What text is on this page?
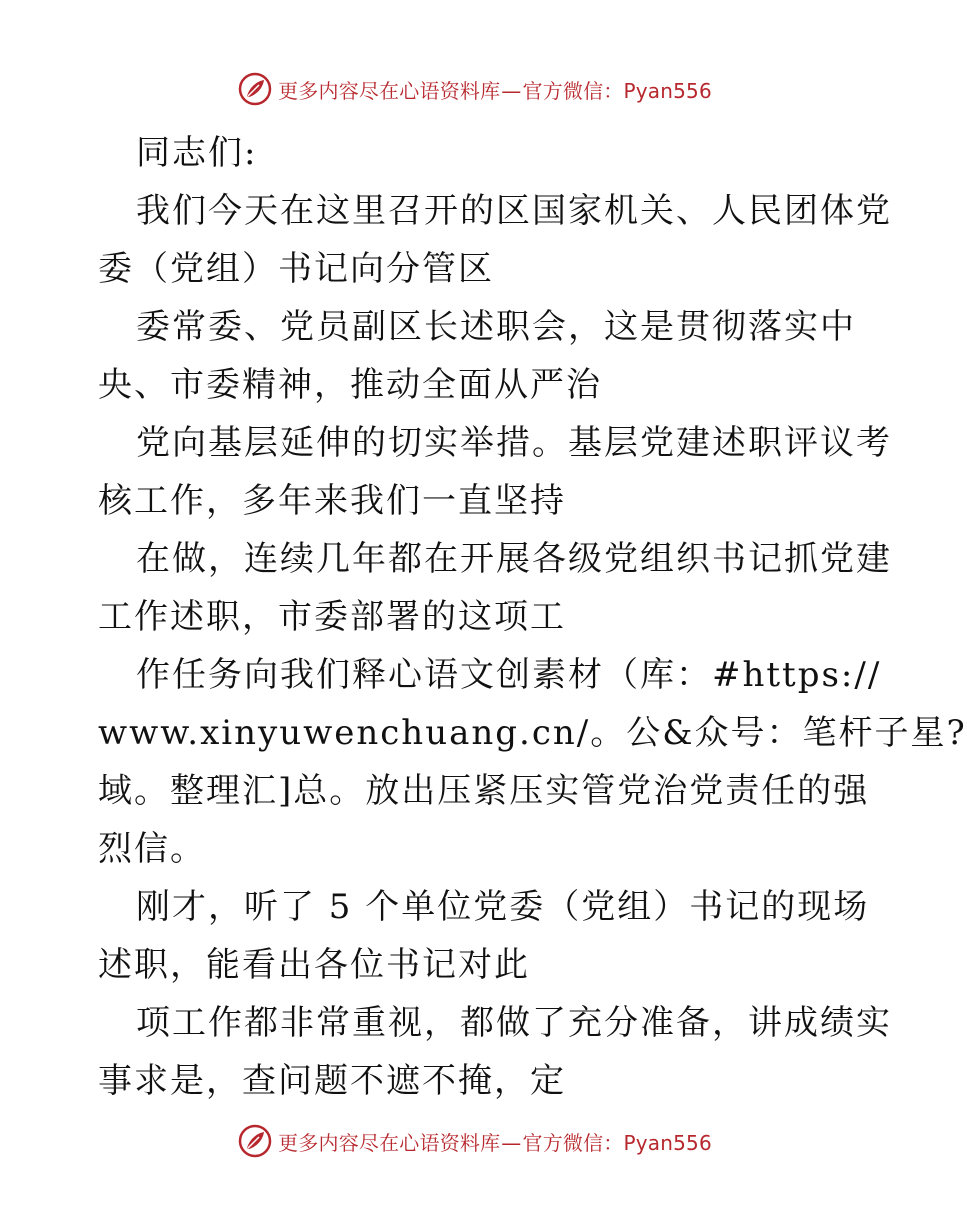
更多内容尽在心语资料库—官方微信：Pyan556
同志们:
我们今天在这里召开的区国家机关、人民团体党
委（党组）书记向分管区
委常委、党员副区长述职会，这是贯彻落实中
央、市委精神，推动全面从严治
党向基层延伸的切实举措。基层党建述职评议考
核工作，多年来我们一直坚持
在做，连续几年都在开展各级党组织书记抓党建
工作述职，市委部署的这项工
作任务向我们释心语文创素材（库：#https://
www.xinyuwenchuang.cn/。公&众号：笔杆子星?
域。整理汇]总。放出压紧压实管党治党责任的强
烈信。
刚才，听了 5 个单位党委（党组）书记的现场
述职，能看出各位书记对此
项工作都非常重视，都做了充分准备，讲成绩实
事求是，查问题不遮不掩，定
更多内容尽在心语资料库—官方微信：Pyan556
